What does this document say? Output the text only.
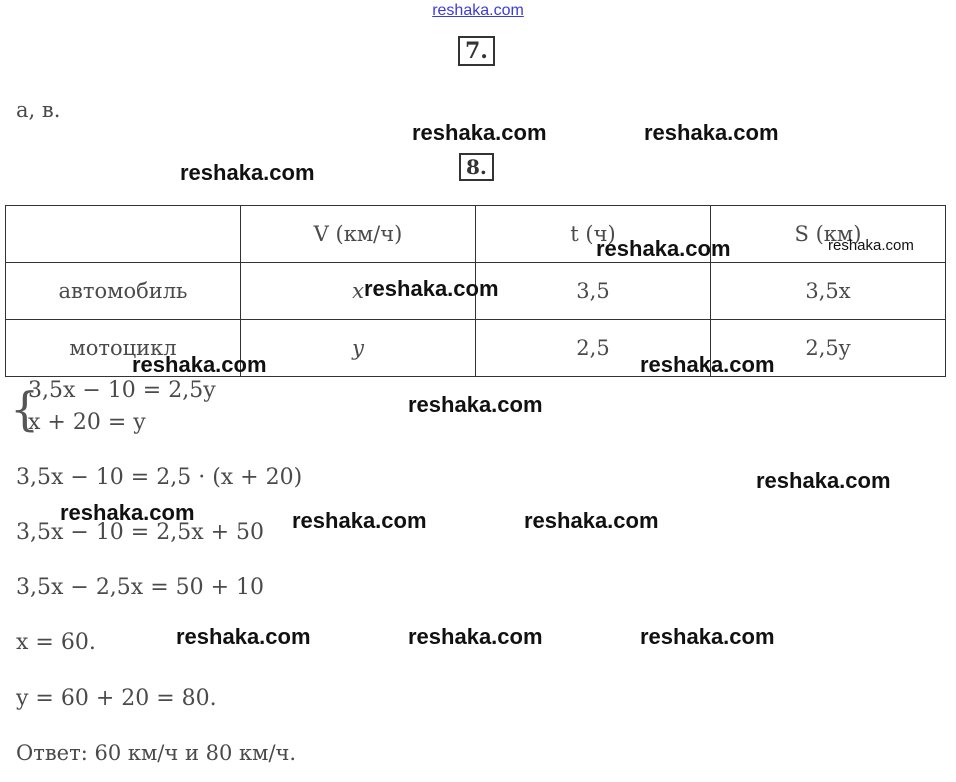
reshaka.com
7.
а, в.
8.
	V (км/ч)	t (ч)	S (км)
автомобиль	x	3,5	3,5x
мотоцикл	y	2,5	2,5y
{
3,5x − 10 = 2,5y
x + 20 = y
3,5x − 10 = 2,5 · (x + 20)
3,5x − 10 = 2,5x + 50
3,5x − 2,5x = 50 + 10
x = 60.
y = 60 + 20 = 80.
Ответ: 60 км/ч и 80 км/ч.
reshaka.com	reshaka.com
reshaka.com
reshaka.com	reshaka.com
reshaka.com
reshaka.com	reshaka.com
reshaka.com
reshaka.com
reshaka.com	reshaka.com	reshaka.com
reshaka.com	reshaka.com	reshaka.com
